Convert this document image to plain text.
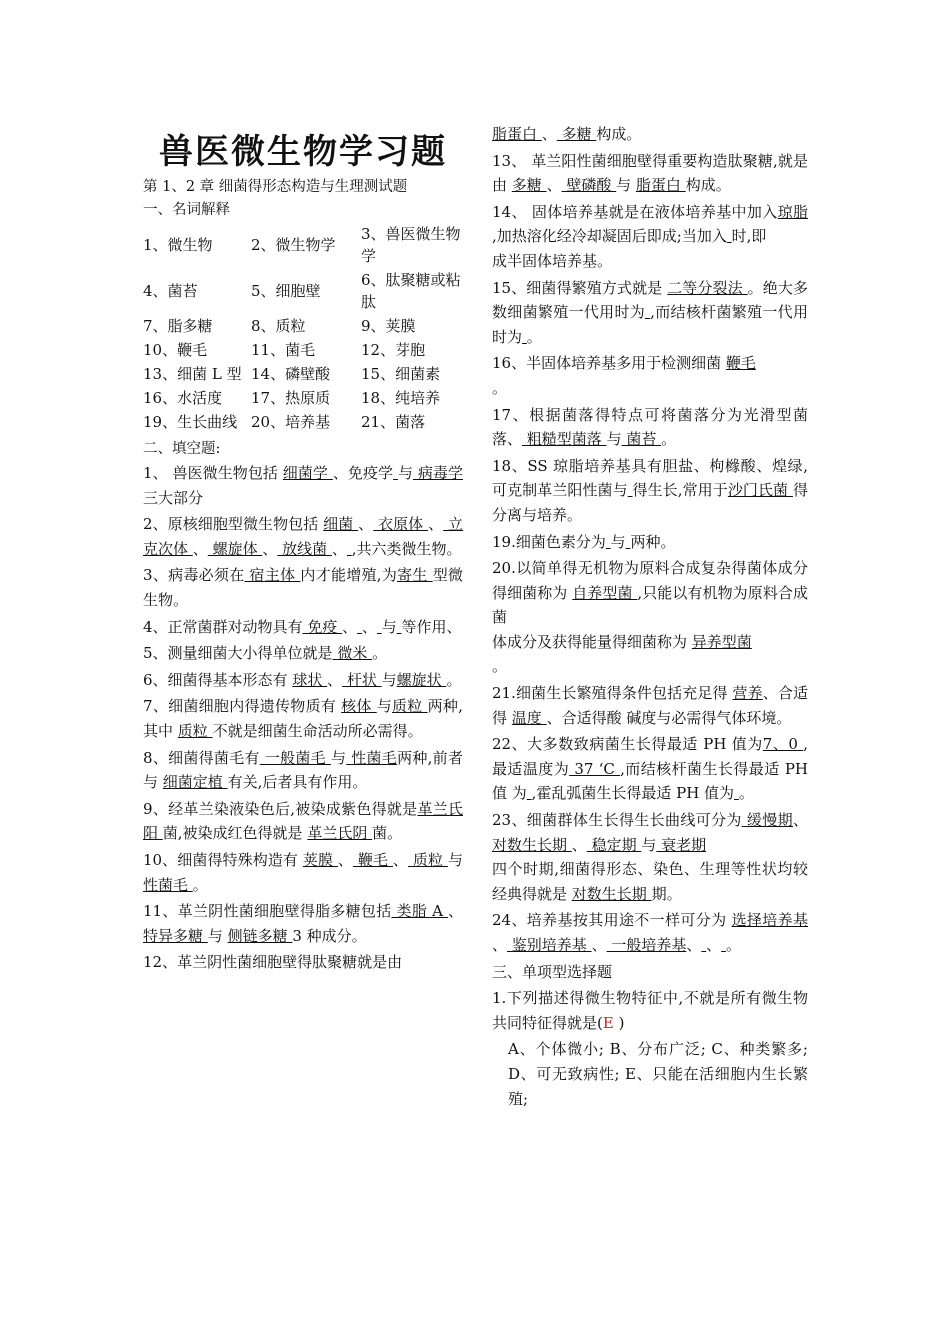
兽医微生物学习题
第 1、2 章 细菌得形态构造与生理测试题
一、名词解释
1、微生物	2、微生物学	3、兽医微生物学
4、菌苔	5、细胞壁	6、肽聚糖或粘肽
7、脂多糖	8、质粒	9、荚膜
10、鞭毛	11、菌毛	12、芽胞
13、细菌 L 型	14、磷壁酸	15、细菌素
16、水活度	17、热原质	18、纯培养
19、生长曲线	20、培养基	21、菌落
二、填空题:
1、 兽医微生物包括 细菌学 、免疫学 与 病毒学 三大部分
2、原核细胞型微生物包括 细菌 、 衣原体 、 立克次体 、 螺旋体 、 放线菌 、 ,共六类微生物。
3、病毒必须在 宿主体 内才能增殖,为寄生 型微生物。
4、正常菌群对动物具有 免疫 、 、 与 等作用、
5、测量细菌大小得单位就是 微米 。
6、细菌得基本形态有 球状 、 杆状 与螺旋状 。
7、细菌细胞内得遗传物质有 核体 与质粒 两种,其中 质粒 不就是细菌生命活动所必需得。
8、细菌得菌毛有 一般菌毛 与 性菌毛两种,前者与 细菌定植 有关,后者具有作用。
9、经革兰染液染色后,被染成紫色得就是革兰氏阳 菌,被染成红色得就是 革兰氏阴 菌。
10、细菌得特殊构造有 荚膜 、 鞭毛 、 质粒 与 性菌毛 。
11、革兰阴性菌细胞壁得脂多糖包括 类脂 A 、 特异多糖 与 侧链多糖 3 种成分。
12、革兰阴性菌细胞壁得肽聚糖就是由
脂蛋白 、 多糖 构成。
13、 革兰阳性菌细胞壁得重要构造肽聚糖,就是由 多糖 、 壁磷酸 与 脂蛋白 构成。
14、 固体培养基就是在液体培养基中加入琼脂 ,加热溶化经冷却凝固后即成;当加入 时,即
成半固体培养基。
15、细菌得繁殖方式就是 二等分裂法 。绝大多数细菌繁殖一代用时为 ,而结核杆菌繁殖一代用时为 。
16、半固体培养基多用于检测细菌 鞭毛
。
17、根据菌落得特点可将菌落分为光滑型菌落、 粗糙型菌落 与 菌苔 。
18、SS 琼脂培养基具有胆盐、枸橼酸、煌绿,可克制革兰阳性菌与 得生长,常用于沙门氏菌 得分离与培养。
19.细菌色素分为 与 两种。
20.以简单得无机物为原料合成复杂得菌体成分得细菌称为 自养型菌 ,只能以有机物为原料合成菌
体成分及获得能量得细菌称为 异养型菌
。
21.细菌生长繁殖得条件包括充足得 营养、合适得 温度 、合适得酸 碱度与必需得气体环境。
22、大多数致病菌生长得最适 PH 值为7、0 ,最适温度为 37 ‘C ,而结核杆菌生长得最适 PH 值 为 ,霍乱弧菌生长得最适 PH 值为 。
23、细菌群体生长得生长曲线可分为 缓慢期、对数生长期 、 稳定期 与 衰老期
四个时期,细菌得形态、染色、生理等性状均较经典得就是 对数生长期 期。
24、培养基按其用途不一样可分为 选择培养基 、 鉴别培养基 、 一般培养基、 、 。
三、单项型选择题
1.下列描述得微生物特征中,不就是所有微生物共同特征得就是(E )
A、个体微小; B、分布广泛; C、种类繁多; D、可无致病性; E、只能在活细胞内生长繁殖;
